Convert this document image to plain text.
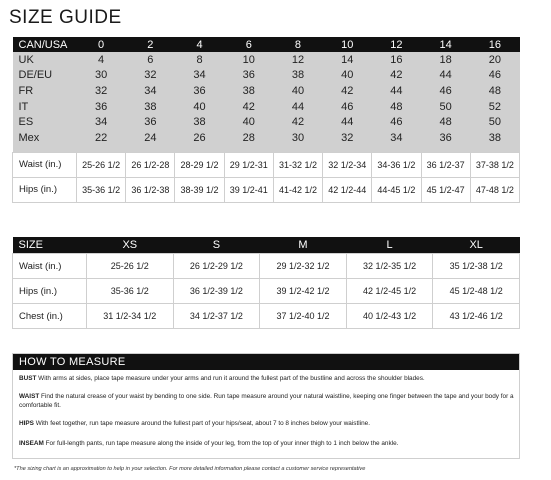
SIZE GUIDE
CAN/USA	0	2	4	6	8	10	12	14	16
UK	4	6	8	10	12	14	16	18	20
DE/EU	30	32	34	36	38	40	42	44	46
FR	32	34	36	38	40	42	44	46	48
IT	36	38	40	42	44	46	48	50	52
ES	34	36	38	40	42	44	46	48	50
Mex	22	24	26	28	30	32	34	36	38

Waist (in.)	25-26 1/2	26 1/2-28	28-29 1/2	29 1/2-31	31-32 1/2	32 1/2-34	34-36 1/2	36 1/2-37	37-38 1/2
Hips (in.)	35-36 1/2	36 1/2-38	38-39 1/2	39 1/2-41	41-42 1/2	42 1/2-44	44-45 1/2	45 1/2-47	47-48 1/2
SIZE	XS	S	M	L	XL
Waist (in.)	25-26 1/2	26 1/2-29 1/2	29 1/2-32 1/2	32 1/2-35 1/2	35 1/2-38 1/2
Hips (in.)	35-36 1/2	36 1/2-39 1/2	39 1/2-42 1/2	42 1/2-45 1/2	45 1/2-48 1/2
Chest (in.)	31 1/2-34 1/2	34 1/2-37 1/2	37 1/2-40 1/2	40 1/2-43 1/2	43 1/2-46 1/2
HOW TO MEASURE
BUST With arms at sides, place tape measure under your arms and run it around the fullest part of the bustline and across the shoulder blades.
WAIST Find the natural crease of your waist by bending to one side. Run tape measure around your natural waistline, keeping one finger between the tape and your body for a comfortable fit.
HIPS With feet together, run tape measure around the fullest part of your hips/seat, about 7 to 8 inches below your waistline.
INSEAM For full-length pants, run tape measure along the inside of your leg, from the top of your inner thigh to 1 inch below the ankle.
*The sizing chart is an approximation to help in your selection. For more detailed information please contact a customer service representative
